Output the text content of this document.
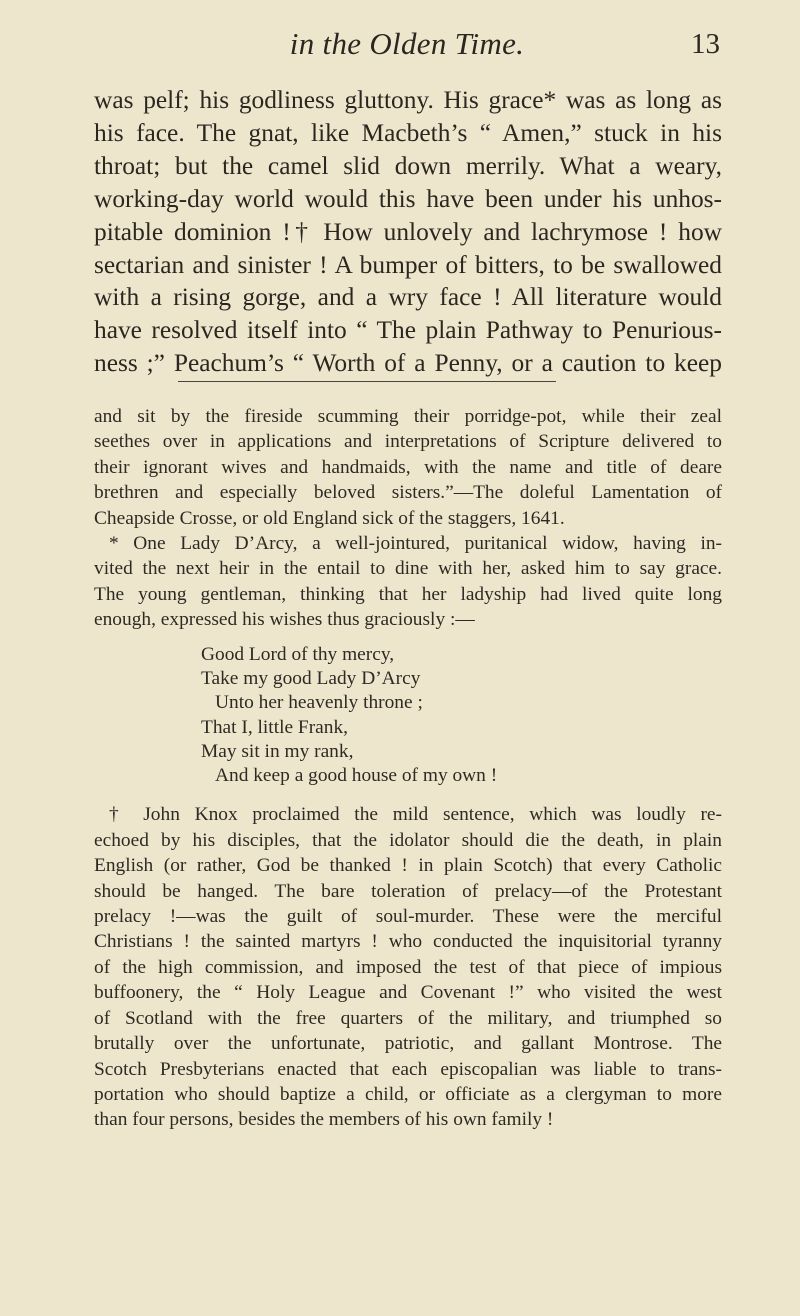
in the Olden Time.	13
was pelf; his godliness gluttony. His grace* was as long as
his face. The gnat, like Macbeth’s “ Amen,” stuck in his
throat; but the camel slid down merrily. What a weary,
working-day world would this have been under his unhos-
pitable dominion !† How unlovely and lachrymose ! how
sectarian and sinister ! A bumper of bitters, to be swallowed
with a rising gorge, and a wry face ! All literature would
have resolved itself into “ The plain Pathway to Penurious-
ness ;” Peachum’s “ Worth of a Penny, or a caution to keep
and sit by the fireside scumming their porridge-pot, while their zeal
seethes over in applications and interpretations of Scripture delivered to
their ignorant wives and handmaids, with the name and title of deare
brethren and especially beloved sisters.”—The doleful Lamentation of
Cheapside Crosse, or old England sick of the staggers, 1641.
* One Lady D’Arcy, a well-jointured, puritanical widow, having in-
vited the next heir in the entail to dine with her, asked him to say grace.
The young gentleman, thinking that her ladyship had lived quite long
enough, expressed his wishes thus graciously :—
Good Lord of thy mercy,
Take my good Lady D’Arcy
Unto her heavenly throne ;
That I, little Frank,
May sit in my rank,
And keep a good house of my own !
† John Knox proclaimed the mild sentence, which was loudly re-
echoed by his disciples, that the idolator should die the death, in plain
English (or rather, God be thanked ! in plain Scotch) that every Catholic
should be hanged. The bare toleration of prelacy—of the Protestant
prelacy !—was the guilt of soul-murder. These were the merciful
Christians ! the sainted martyrs ! who conducted the inquisitorial tyranny
of the high commission, and imposed the test of that piece of impious
buffoonery, the “ Holy League and Covenant !” who visited the west
of Scotland with the free quarters of the military, and triumphed so
brutally over the unfortunate, patriotic, and gallant Montrose. The
Scotch Presbyterians enacted that each episcopalian was liable to trans-
portation who should baptize a child, or officiate as a clergyman to more
than four persons, besides the members of his own family !
